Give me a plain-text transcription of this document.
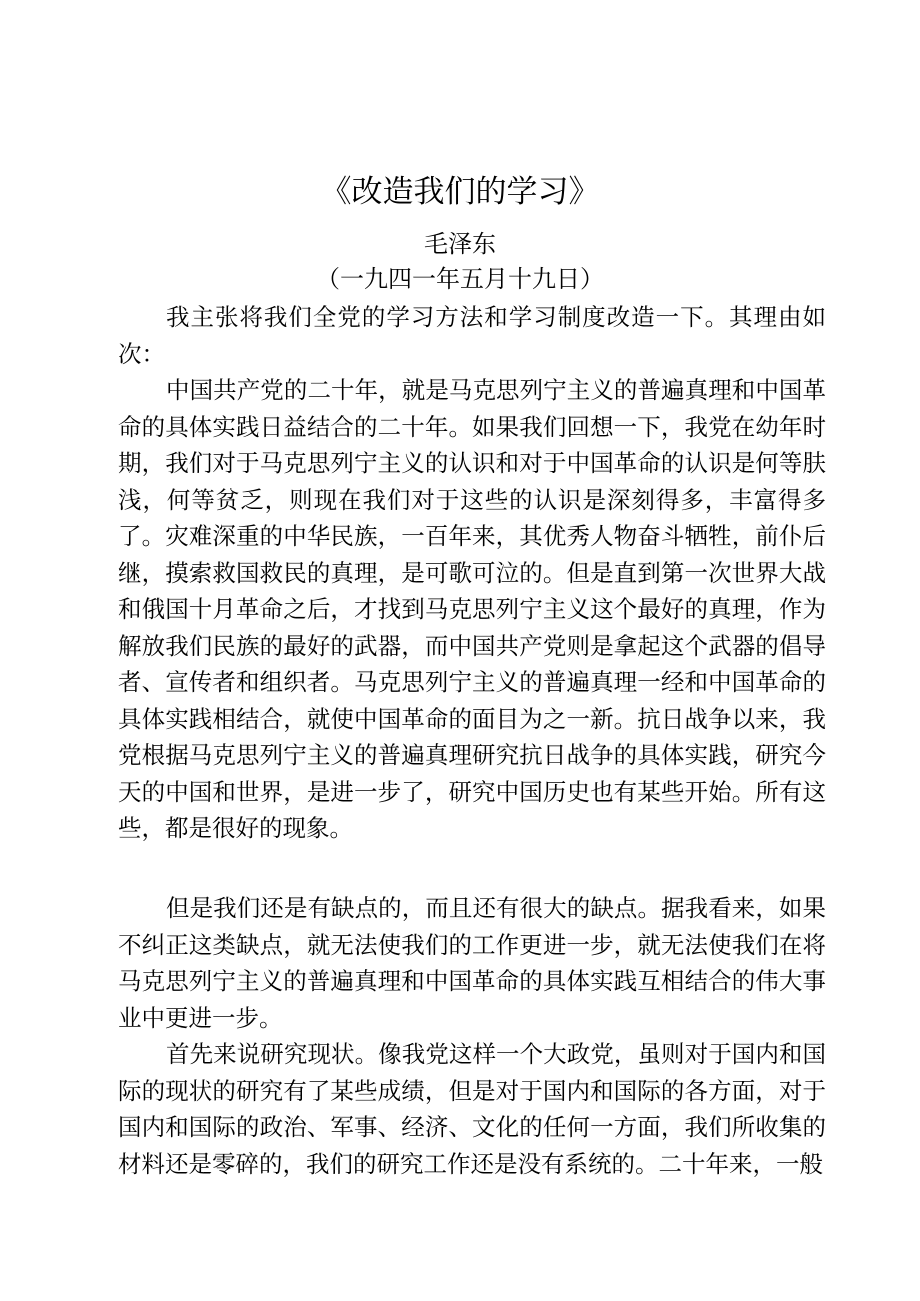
《改造我们的学习》
毛泽东
（一九四一年五月十九日）

我主张将我们全党的学习方法和学习制度改造一下。其理由如次：

中国共产党的二十年，就是马克思列宁主义的普遍真理和中国革命的具体实践日益结合的二十年。如果我们回想一下，我党在幼年时期，我们对于马克思列宁主义的认识和对于中国革命的认识是何等肤浅，何等贫乏，则现在我们对于这些的认识是深刻得多，丰富得多了。灾难深重的中华民族，一百年来，其优秀人物奋斗牺牲，前仆后继，摸索救国救民的真理，是可歌可泣的。但是直到第一次世界大战和俄国十月革命之后，才找到马克思列宁主义这个最好的真理，作为解放我们民族的最好的武器，而中国共产党则是拿起这个武器的倡导者、宣传者和组织者。马克思列宁主义的普遍真理一经和中国革命的具体实践相结合，就使中国革命的面目为之一新。抗日战争以来，我党根据马克思列宁主义的普遍真理研究抗日战争的具体实践，研究今天的中国和世界，是进一步了，研究中国历史也有某些开始。所有这些，都是很好的现象。

但是我们还是有缺点的，而且还有很大的缺点。据我看来，如果不纠正这类缺点，就无法使我们的工作更进一步，就无法使我们在将马克思列宁主义的普遍真理和中国革命的具体实践互相结合的伟大事业中更进一步。

首先来说研究现状。像我党这样一个大政党，虽则对于国内和国际的现状的研究有了某些成绩，但是对于国内和国际的各方面，对于国内和国际的政治、军事、经济、文化的任何一方面，我们所收集的材料还是零碎的，我们的研究工作还是没有系统的。二十年来，一般
